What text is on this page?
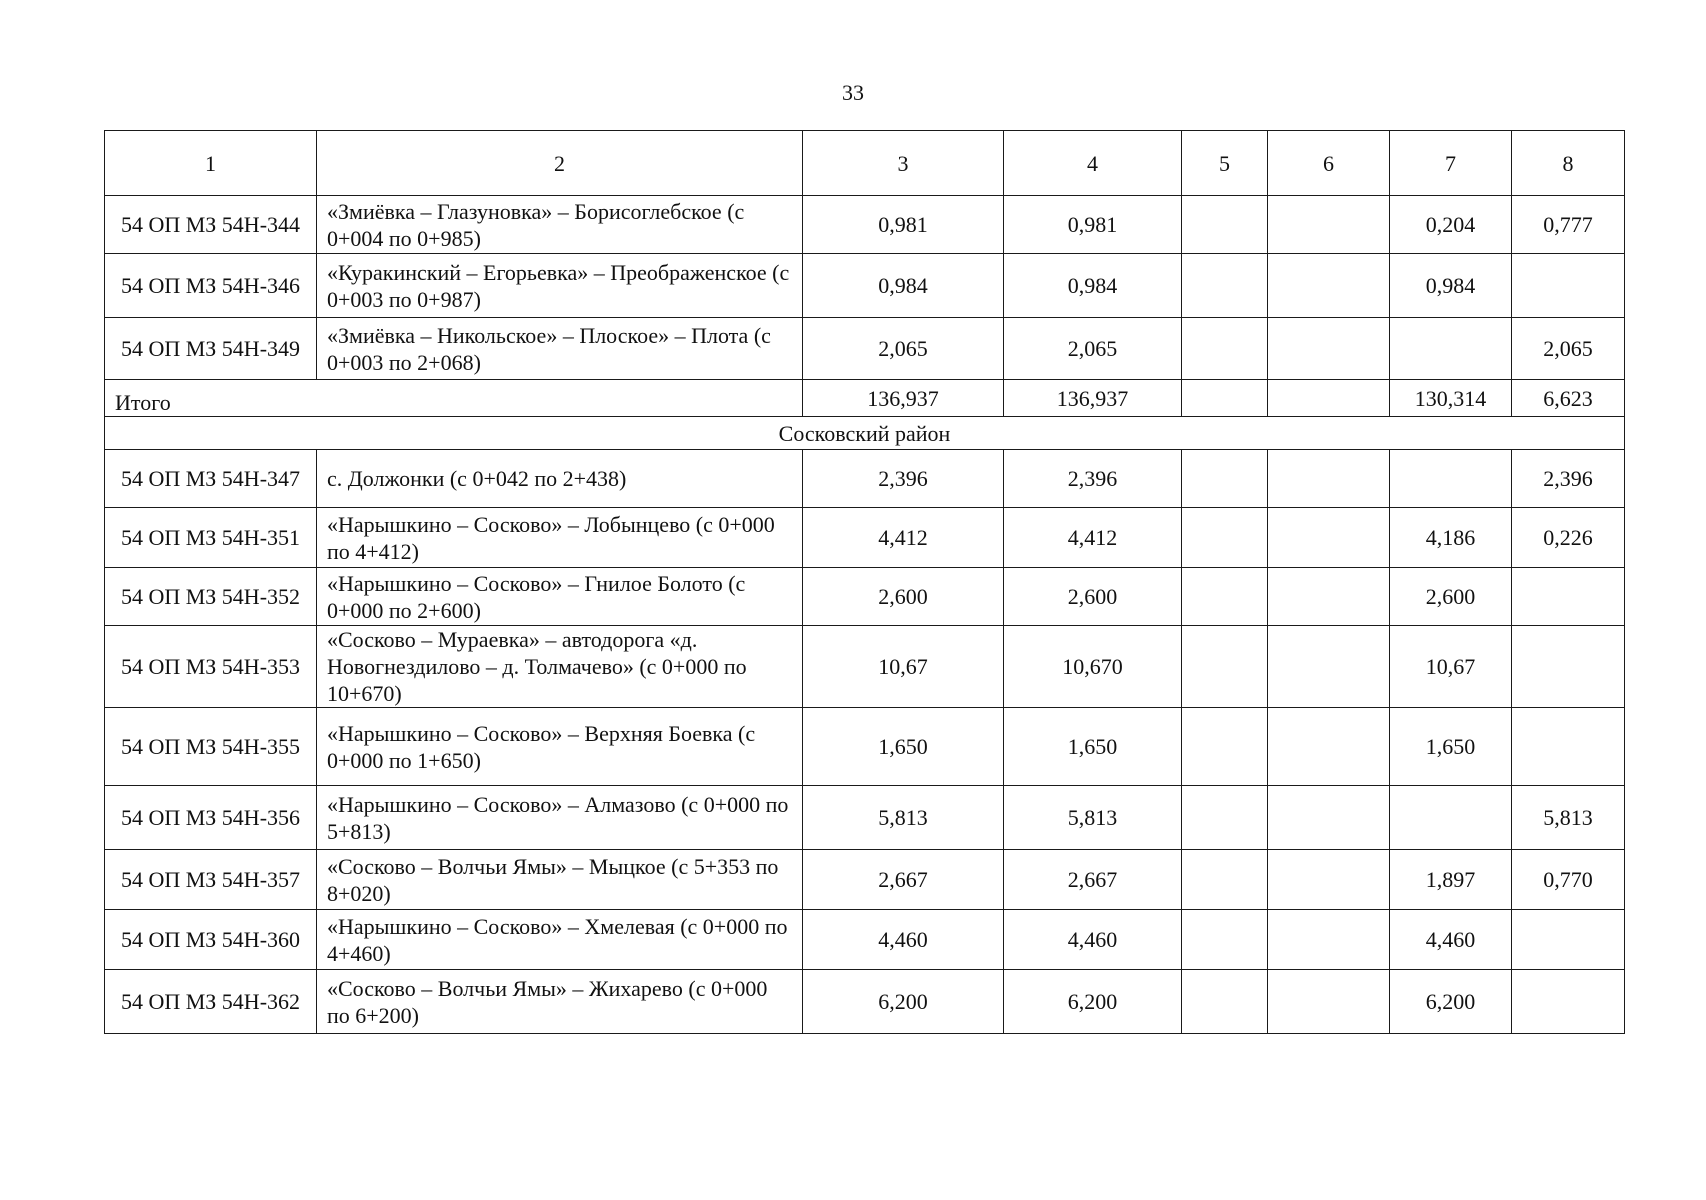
33
1	2	3	4	5	6	7	8
54 ОП МЗ 54Н-344	«Змиёвка – Глазуновка» – Борисоглебское (с 0+004 по 0+985)	0,981	0,981			0,204	0,777
54 ОП МЗ 54Н-346	«Куракинский – Егорьевка» – Преображенское (с 0+003 по 0+987)	0,984	0,984			0,984	
54 ОП МЗ 54Н-349	«Змиёвка – Никольское» – Плоское» – Плота (с 0+003 по 2+068)	2,065	2,065				2,065
Итого		136,937	136,937			130,314	6,623
Сосковский район							
54 ОП МЗ 54Н-347	с. Должонки (с 0+042 по 2+438)	2,396	2,396				2,396
54 ОП МЗ 54Н-351	«Нарышкино – Сосково» – Лобынцево (с 0+000 по 4+412)	4,412	4,412			4,186	0,226
54 ОП МЗ 54Н-352	«Нарышкино – Сосково» – Гнилое Болото (с 0+000 по 2+600)	2,600	2,600			2,600	
54 ОП МЗ 54Н-353	«Сосково – Мураевка» – автодорога «д. Новогнездилово – д. Толмачево» (с 0+000 по 10+670)	10,67	10,670			10,67	
54 ОП МЗ 54Н-355	«Нарышкино – Сосково» – Верхняя Боевка (с 0+000 по 1+650)	1,650	1,650			1,650	
54 ОП МЗ 54Н-356	«Нарышкино – Сосково» – Алмазово (с 0+000 по 5+813)	5,813	5,813				5,813
54 ОП МЗ 54Н-357	«Сосково – Волчьи Ямы» – Мыцкое (с 5+353 по 8+020)	2,667	2,667			1,897	0,770
54 ОП МЗ 54Н-360	«Нарышкино – Сосково» – Хмелевая (с 0+000 по 4+460)	4,460	4,460			4,460	
54 ОП МЗ 54Н-362	«Сосково – Волчьи Ямы» – Жихарево (с 0+000 по 6+200)	6,200	6,200			6,200	
